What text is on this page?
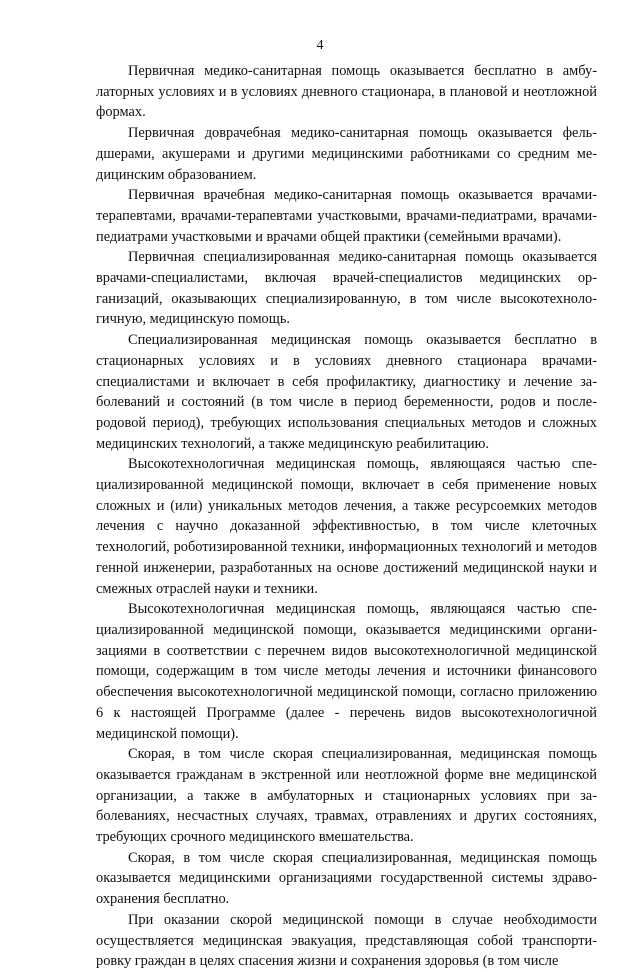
4

Первичная медико-санитарная помощь оказывается бесплатно в амбулаторных условиях и в условиях дневного стационара, в плановой и неотложной формах.

Первичная доврачебная медико-санитарная помощь оказывается фельдшерами, акушерами и другими медицинскими работниками со средним медицинским образованием.

Первичная врачебная медико-санитарная помощь оказывается врачами-терапевтами, врачами-терапевтами участковыми, врачами-педиатрами, врачами-педиатрами участковыми и врачами общей практики (семейными врачами).

Первичная специализированная медико-санитарная помощь оказывается врачами-специалистами, включая врачей-специалистов медицинских организаций, оказывающих специализированную, в том числе высокотехнологичную, медицинскую помощь.

Специализированная медицинская помощь оказывается бесплатно в стационарных условиях и в условиях дневного стационара врачами-специалистами и включает в себя профилактику, диагностику и лечение заболеваний и состояний (в том числе в период беременности, родов и послеродовой период), требующих использования специальных методов и сложных медицинских технологий, а также медицинскую реабилитацию.

Высокотехнологичная медицинская помощь, являющаяся частью специализированной медицинской помощи, включает в себя применение новых сложных и (или) уникальных методов лечения, а также ресурсоемких методов лечения с научно доказанной эффективностью, в том числе клеточных технологий, роботизированной техники, информационных технологий и методов генной инженерии, разработанных на основе достижений медицинской науки и смежных отраслей науки и техники.

Высокотехнологичная медицинская помощь, являющаяся частью специализированной медицинской помощи, оказывается медицинскими организациями в соответствии с перечнем видов высокотехнологичной медицинской помощи, содержащим в том числе методы лечения и источники финансового обеспечения высокотехнологичной медицинской помощи, согласно приложению 6 к настоящей Программе (далее - перечень видов высокотехнологичной медицинской помощи).

Скорая, в том числе скорая специализированная, медицинская помощь оказывается гражданам в экстренной или неотложной форме вне медицинской организации, а также в амбулаторных и стационарных условиях при заболеваниях, несчастных случаях, травмах, отравлениях и других состояниях, требующих срочного медицинского вмешательства.

Скорая, в том числе скорая специализированная, медицинская помощь оказывается медицинскими организациями государственной системы здравоохранения бесплатно.

При оказании скорой медицинской помощи в случае необходимости осуществляется медицинская эвакуация, представляющая собой транспортировку граждан в целях спасения жизни и сохранения здоровья (в том числе
